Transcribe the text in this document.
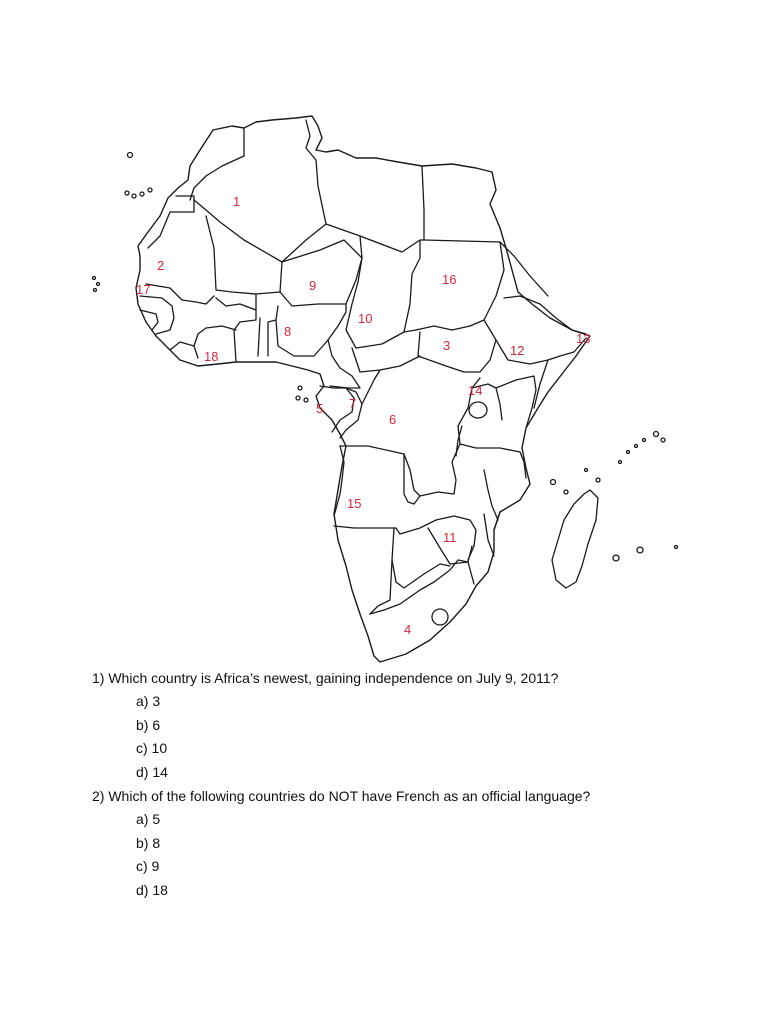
1
2
3
4
5
6
7
8
9
10
11
12
13
14
15
16
17
18

1) Which country is Africa’s newest, gaining independence on July 9, 2011?

a) 3
b) 6
c) 10
d) 14

2) Which of the following countries do NOT have French as an official language?

a) 5
b) 8
c) 9
d) 18
